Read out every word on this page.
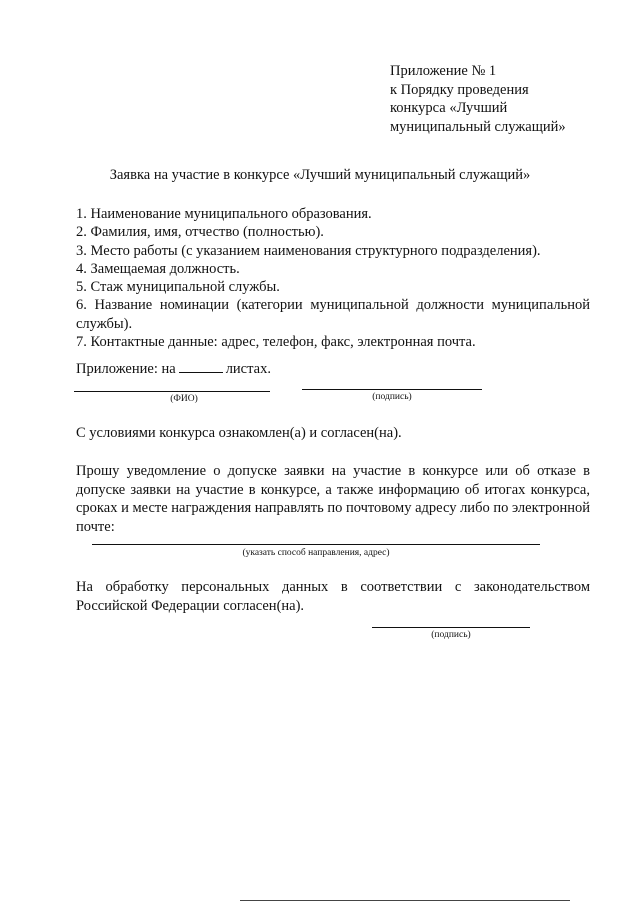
Приложение № 1
к Порядку проведения
конкурса «Лучший
муниципальный служащий»
Заявка на участие в конкурсе «Лучший муниципальный служащий»
1. Наименование муниципального образования.
2. Фамилия, имя, отчество (полностью).
3. Место работы (с указанием наименования структурного подразделения).
4. Замещаемая должность.
5. Стаж муниципальной службы.
6. Название номинации (категории муниципальной должности муниципальной службы).
7. Контактные данные: адрес, телефон, факс, электронная почта.
Приложение: на	листах.
(ФИО)	(подпись)
С условиями конкурса ознакомлен(а) и согласен(на).
Прошу уведомление о допуске заявки на участие в конкурсе или об отказе в допуске заявки на участие в конкурсе, а также информацию об итогах конкурса, сроках и месте награждения направлять по почтовому адресу либо по электронной почте:
(указать способ направления, адрес)
На обработку персональных данных в соответствии с законодательством Российской Федерации согласен(на).
(подпись)
